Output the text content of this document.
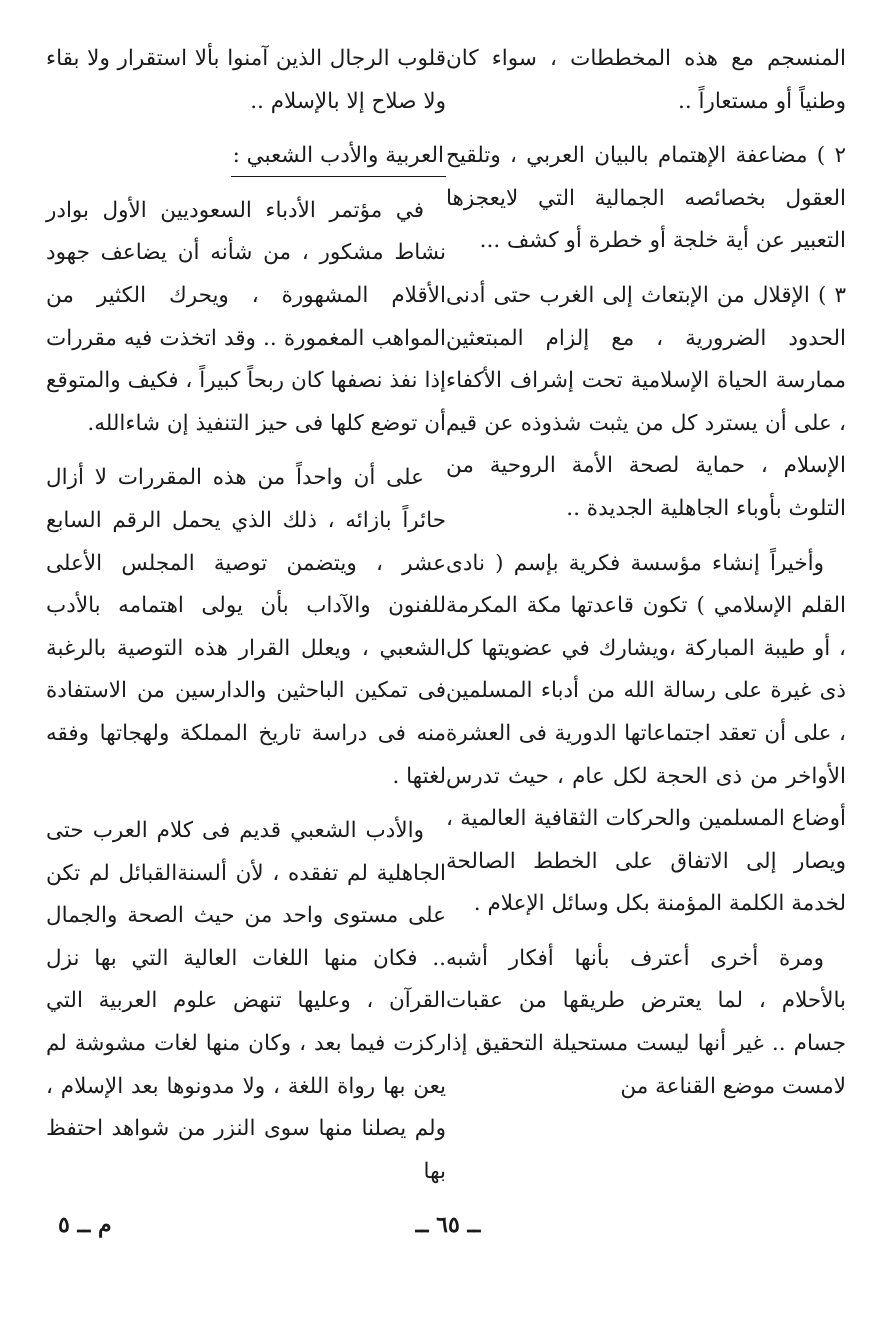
المنسجم مع هذه المخططات ، سواء كان وطنياً أو مستعاراً ..

٢ ) مضاعفة الإهتمام بالبيان العربي ، وتلقيح العقول بخصائصه الجمالية التي لايعجزها التعبير عن أية خلجة أو خطرة أو كشف ...

٣ ) الإقلال من الإبتعاث إلى الغرب حتى أدنى الحدود الضرورية ، مع إلزام المبتعثين ممارسة الحياة الإسلامية تحت إشراف الأكفاء ، على أن يسترد كل من يثبت شذوذه عن قيم الإسلام ، حماية لصحة الأمة الروحية من التلوث بأوباء الجاهلية الجديدة ..

وأخيراً إنشاء مؤسسة فكرية بإسم ( نادى القلم الإسلامي ) تكون قاعدتها مكة المكرمة ، أو طيبة المباركة ،ويشارك في عضويتها كل ذى غيرة على رسالة الله من أدباء المسلمين ، على أن تعقد اجتماعاتها الدورية فى العشرة الأواخر من ذى الحجة لكل عام ، حيث تدرس أوضاع المسلمين والحركات الثقافية العالمية ، ويصار إلى الاتفاق على الخطط الصالحة لخدمة الكلمة المؤمنة بكل وسائل الإعلام .

ومرة أخرى أعترف بأنها أفكار أشبه بالأحلام ، لما يعترض طريقها من عقبات جسام .. غير أنها ليست مستحيلة التحقيق إذا لامست موضع القناعة من

قلوب الرجال الذين آمنوا بألا استقرار ولا بقاء ولا صلاح إلا بالإسلام ..

العربية والأدب الشعبي :

في مؤتمر الأدباء السعوديين الأول بوادر نشاط مشكور ، من شأنه أن يضاعف جهود الأقلام المشهورة ، ويحرك الكثير من المواهب المغمورة .. وقد اتخذت فيه مقررات إذا نفذ نصفها كان ربحاً كبيراً ، فكيف والمتوقع أن توضع كلها فى حيز التنفيذ إن شاءالله.

على أن واحداً من هذه المقررات لا أزال حائراً بازائه ، ذلك الذي يحمل الرقم السابع عشر ، ويتضمن توصية المجلس الأعلى للفنون والآداب بأن يولى اهتمامه بالأدب الشعبي ، ويعلل القرار هذه التوصية بالرغبة فى تمكين الباحثين والدارسين من الاستفادة منه فى دراسة تاريخ المملكة ولهجاتها وفقه لغتها .

والأدب الشعبي قديم فى كلام العرب حتى الجاهلية لم تفقده ، لأن ألسنةالقبائل لم تكن على مستوى واحد من حيث الصحة والجمال .. فكان منها اللغات العالية التي بها نزل القرآن ، وعليها تنهض علوم العربية التي ركزت فيما بعد ، وكان منها لغات مشوشة لم يعن بها رواة اللغة ، ولا مدونوها بعد الإسلام ، ولم يصلنا منها سوى النزر من شواهد احتفظ بها

ــ ٦٥ ــ
م ــ ٥
